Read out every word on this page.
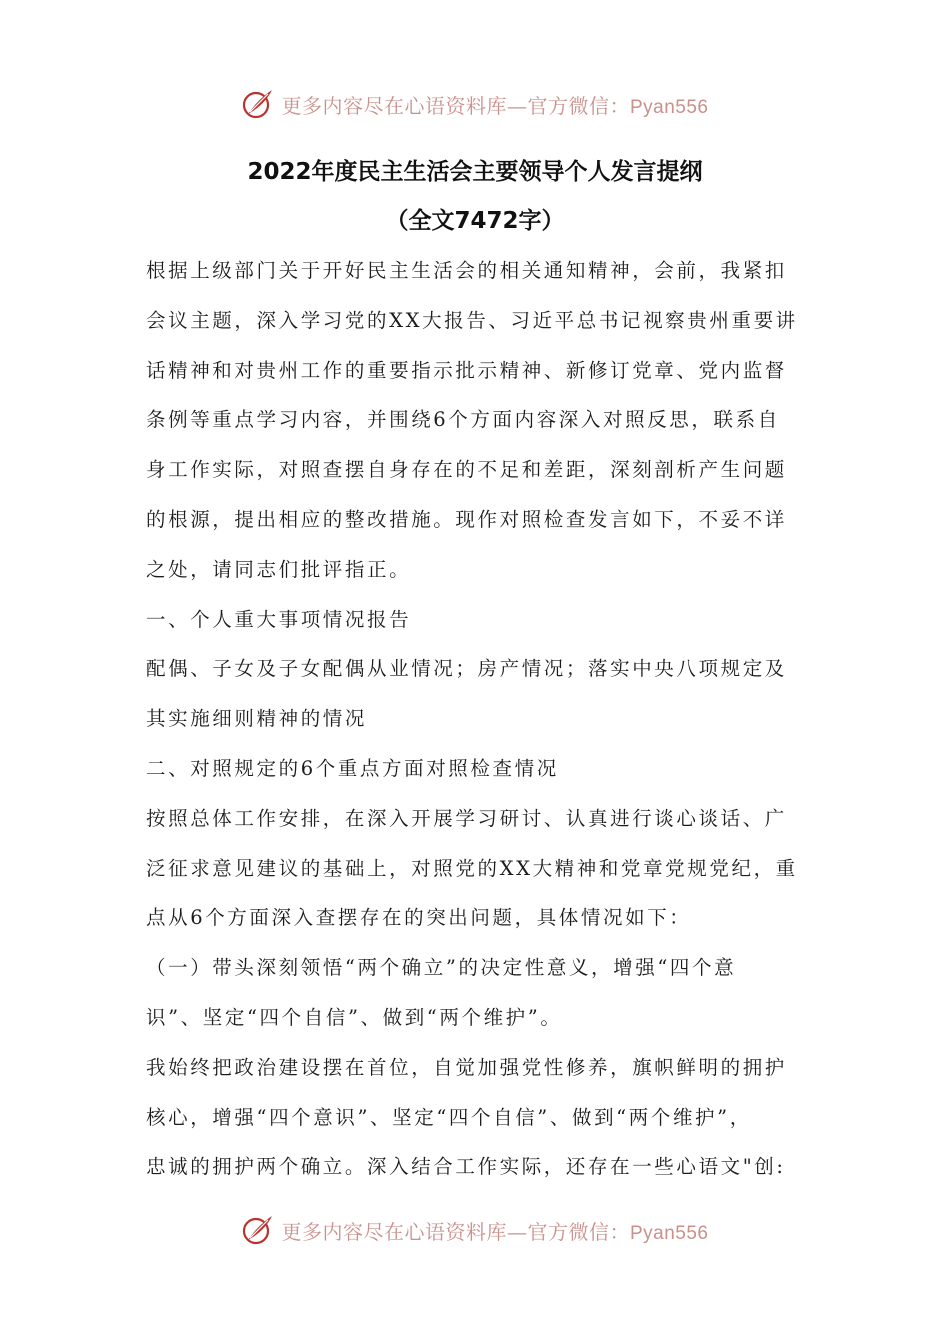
更多内容尽在心语资料库—官方微信：Pyan556
2022年度民主生活会主要领导个人发言提纲
（全文7472字）
根据上级部门关于开好民主生活会的相关通知精神，会前，我紧扣
会议主题，深入学习党的XX大报告、习近平总书记视察贵州重要讲
话精神和对贵州工作的重要指示批示精神、新修订党章、党内监督
条例等重点学习内容，并围绕6个方面内容深入对照反思，联系自
身工作实际，对照查摆自身存在的不足和差距，深刻剖析产生问题
的根源，提出相应的整改措施。现作对照检查发言如下，不妥不详
之处，请同志们批评指正。
一、个人重大事项情况报告
配偶、子女及子女配偶从业情况；房产情况；落实中央八项规定及
其实施细则精神的情况
二、对照规定的6个重点方面对照检查情况
按照总体工作安排，在深入开展学习研讨、认真进行谈心谈话、广
泛征求意见建议的基础上，对照党的XX大精神和党章党规党纪，重
点从6个方面深入查摆存在的突出问题，具体情况如下：
（一）带头深刻领悟“两个确立”的决定性意义，增强“四个意
识”、坚定“四个自信”、做到“两个维护”。
我始终把政治建设摆在首位，自觉加强党性修养，旗帜鲜明的拥护
核心，增强“四个意识”、坚定“四个自信”、做到“两个维护”，
忠诚的拥护两个确立。深入结合工作实际，还存在一些心语文"创:
更多内容尽在心语资料库—官方微信：Pyan556
